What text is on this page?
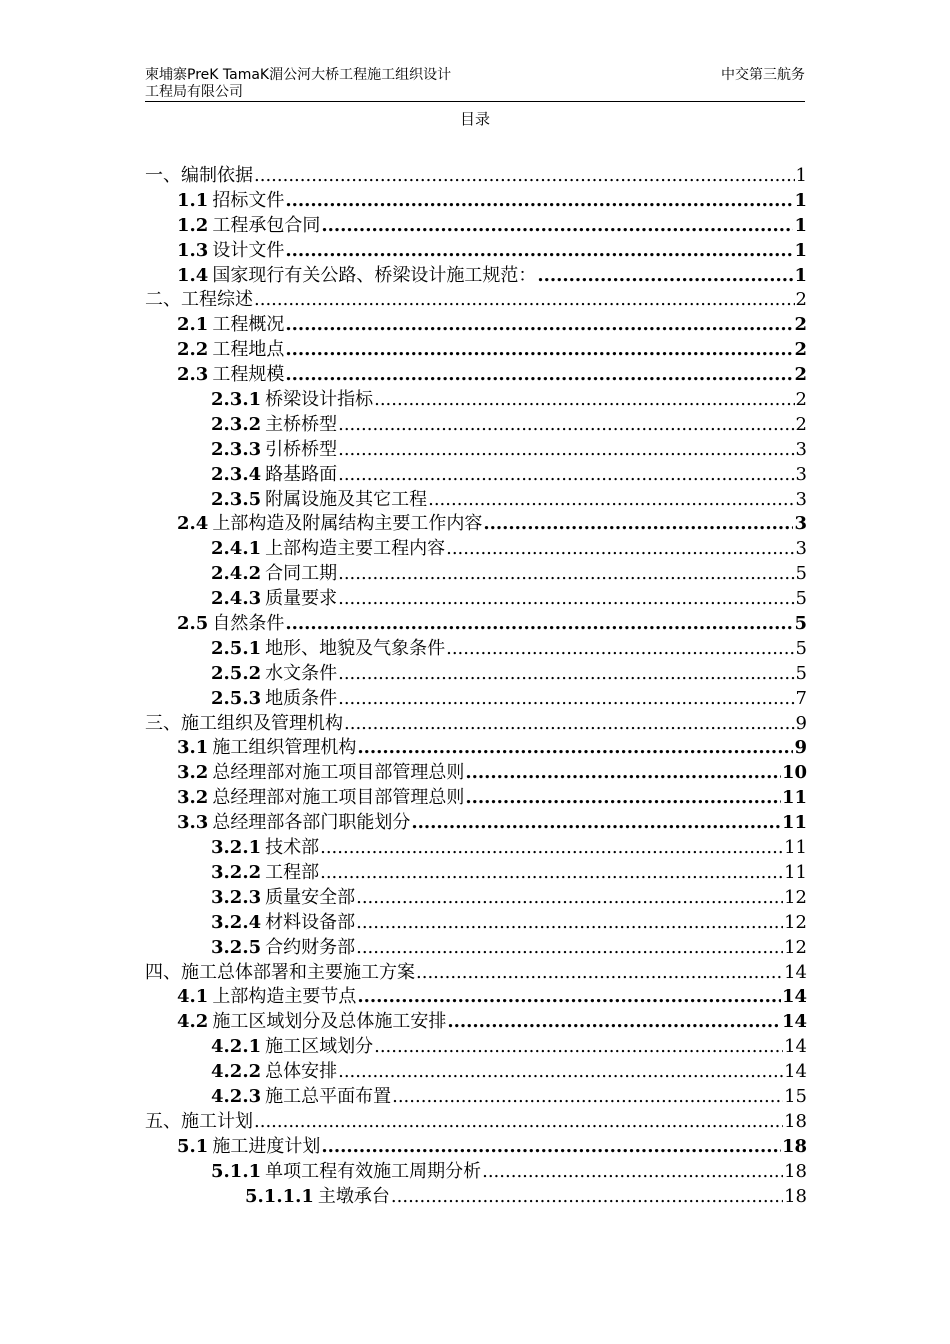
柬埔寨PreK TamaK湄公河大桥工程施工组织设计	中交第三航务
工程局有限公司
目录
一、编制依据 .....	1
1.1 招标文件 .....	1
1.2 工程承包合同 .....	1
1.3 设计文件 .....	1
1.4 国家现行有关公路、桥梁设计施工规范： .....	1
二、工程综述 .....	2
2.1 工程概况 .....	2
2.2 工程地点 .....	2
2.3 工程规模 .....	2
2.3.1 桥梁设计指标 .....	2
2.3.2 主桥桥型 .....	2
2.3.3 引桥桥型 .....	3
2.3.4 路基路面 .....	3
2.3.5 附属设施及其它工程 .....	3
2.4 上部构造及附属结构主要工作内容 .....	3
2.4.1 上部构造主要工程内容 .....	3
2.4.2 合同工期 .....	5
2.4.3 质量要求 .....	5
2.5 自然条件 .....	5
2.5.1 地形、地貌及气象条件 .....	5
2.5.2 水文条件 .....	5
2.5.3 地质条件 .....	7
三、施工组织及管理机构 .....	9
3.1 施工组织管理机构 .....	9
3.2 总经理部对施工项目部管理总则 .....	10
3.2 总经理部对施工项目部管理总则 .....	11
3.3 总经理部各部门职能划分 .....	11
3.2.1 技术部 .....	11
3.2.2 工程部 .....	11
3.2.3 质量安全部 .....	12
3.2.4 材料设备部 .....	12
3.2.5 合约财务部 .....	12
四、施工总体部署和主要施工方案 .....	14
4.1 上部构造主要节点 .....	14
4.2 施工区域划分及总体施工安排 .....	14
4.2.1 施工区域划分 .....	14
4.2.2 总体安排 .....	14
4.2.3 施工总平面布置 .....	15
五、施工计划 .....	18
5.1 施工进度计划 .....	18
5.1.1 单项工程有效施工周期分析 .....	18
5.1.1.1 主墩承台 .....	18
